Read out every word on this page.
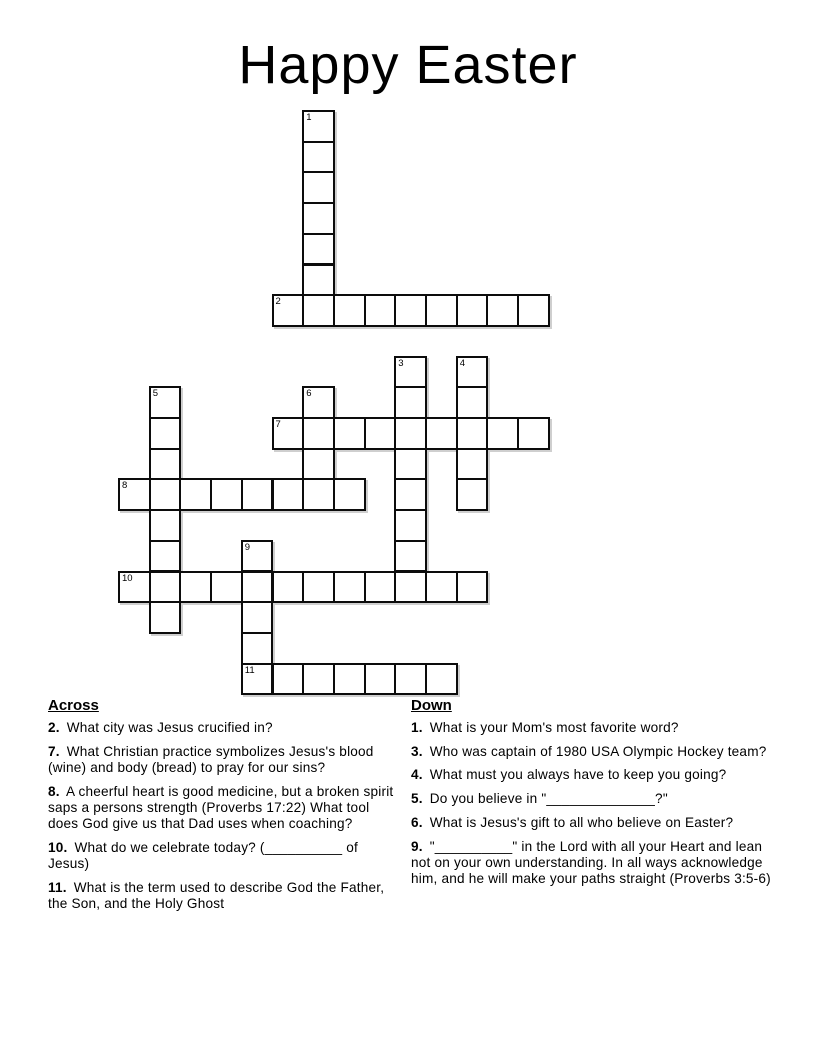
Happy Easter
1
2
3	4
5	6
7
8
9
10
11

Across

2. What city was Jesus crucified in?

7. What Christian practice symbolizes Jesus's blood (wine) and body (bread) to pray for our sins?

8. A cheerful heart is good medicine, but a broken spirit saps a persons strength (Proverbs 17:22) What tool does God give us that Dad uses when coaching?

10. What do we celebrate today? (__________ of Jesus)

11. What is the term used to describe God the Father, the Son, and the Holy Ghost

Down

1. What is your Mom's most favorite word?

3. Who was captain of 1980 USA Olympic Hockey team?

4. What must you always have to keep you going?

5. Do you believe in "______________?"

6. What is Jesus's gift to all who believe on Easter?

9. "__________" in the Lord with all your Heart and lean not on your own understanding. In all ways acknowledge him, and he will make your paths straight (Proverbs 3:5-6)
